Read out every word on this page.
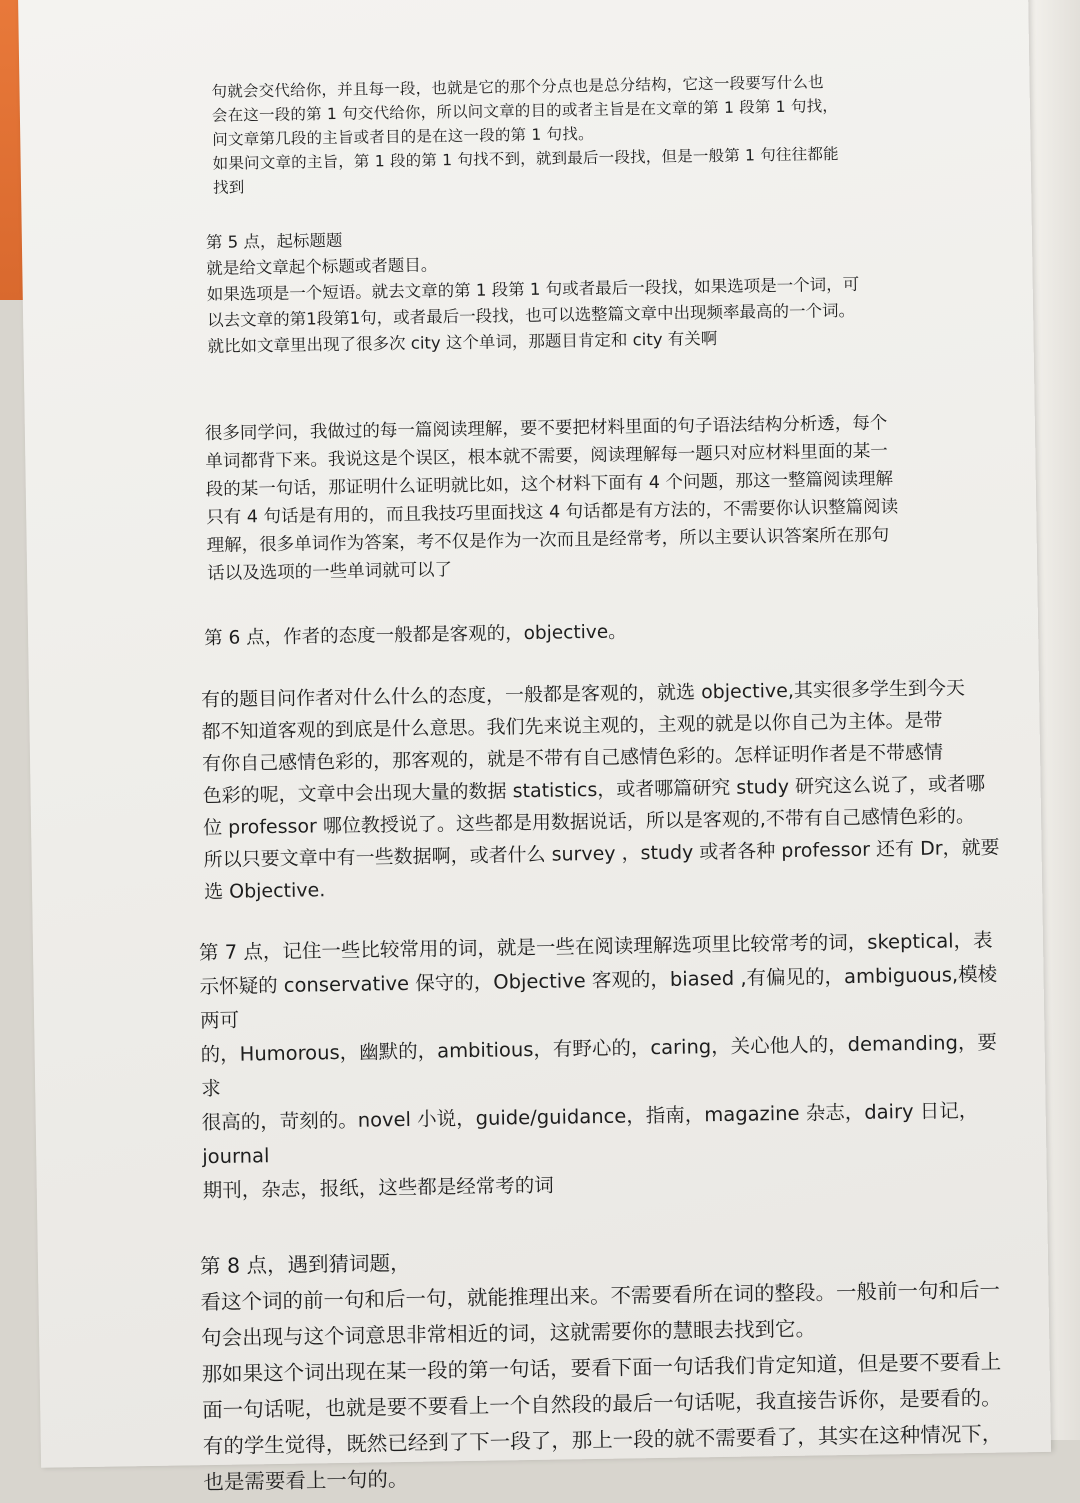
句就会交代给你，并且每一段，也就是它的那个分点也是总分结构，它这一段要写什么也

会在这一段的第 1 句交代给你，所以问文章的目的或者主旨是在文章的第 1 段第 1 句找，

问文章第几段的主旨或者目的是在这一段的第 1 句找。

如果问文章的主旨，第 1 段的第 1 句找不到，就到最后一段找，但是一般第 1 句往往都能

找到

第 5 点，起标题题

就是给文章起个标题或者题目。

如果选项是一个短语。就去文章的第 1 段第 1 句或者最后一段找，如果选项是一个词，可

以去文章的第1段第1句，或者最后一段找，也可以选整篇文章中出现频率最高的一个词。

就比如文章里出现了很多次 city 这个单词，那题目肯定和 city 有关啊

很多同学问，我做过的每一篇阅读理解，要不要把材料里面的句子语法结构分析透，每个

单词都背下来。我说这是个误区，根本就不需要，阅读理解每一题只对应材料里面的某一

段的某一句话，那证明什么证明就比如，这个材料下面有 4 个问题，那这一整篇阅读理解

只有 4 句话是有用的，而且我技巧里面找这 4 句话都是有方法的，不需要你认识整篇阅读

理解，很多单词作为答案，考不仅是作为一次而且是经常考，所以主要认识答案所在那句

话以及选项的一些单词就可以了

第 6 点，作者的态度一般都是客观的，objective。

有的题目问作者对什么什么的态度，一般都是客观的，就选 objective,其实很多学生到今天

都不知道客观的到底是什么意思。我们先来说主观的，主观的就是以你自己为主体。是带

有你自己感情色彩的，那客观的，就是不带有自己感情色彩的。怎样证明作者是不带感情

色彩的呢，文章中会出现大量的数据 statistics，或者哪篇研究 study 研究这么说了，或者哪

位 professor 哪位教授说了。这些都是用数据说话，所以是客观的,不带有自己感情色彩的。

所以只要文章中有一些数据啊，或者什么 survey ，study 或者各种 professor 还有 Dr，就要

选 Objective.

第 7 点，记住一些比较常用的词，就是一些在阅读理解选项里比较常考的词，skeptical，表

示怀疑的 conservative 保守的，Objective 客观的，biased ,有偏见的，ambiguous,模棱两可

的，Humorous，幽默的，ambitious，有野心的，caring，关心他人的，demanding，要求

很高的，苛刻的。novel 小说，guide/guidance，指南，magazine 杂志，dairy 日记，journal

期刊，杂志，报纸，这些都是经常考的词

第 8 点，遇到猜词题，

看这个词的前一句和后一句，就能推理出来。不需要看所在词的整段。一般前一句和后一

句会出现与这个词意思非常相近的词，这就需要你的慧眼去找到它。

那如果这个词出现在某一段的第一句话，要看下面一句话我们肯定知道，但是要不要看上

面一句话呢，也就是要不要看上一个自然段的最后一句话呢，我直接告诉你，是要看的。

有的学生觉得，既然已经到了下一段了，那上一段的就不需要看了，其实在这种情况下，

也是需要看上一句的。
